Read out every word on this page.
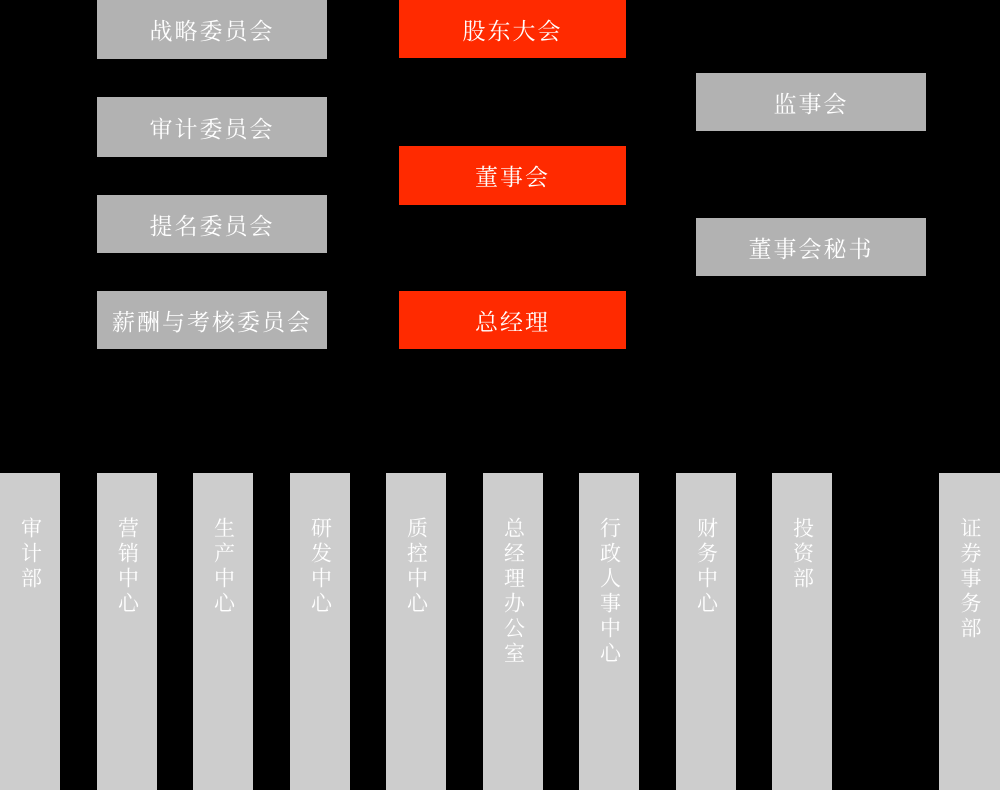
战略委员会
审计委员会
提名委员会
薪酬与考核委员会
股东大会
董事会
总经理
监事会
董事会秘书
审计部	营销中心	生产中心	研发中心	质控中心	总经理办公室	行政人事中心	财务中心	投资部	证券事务部
